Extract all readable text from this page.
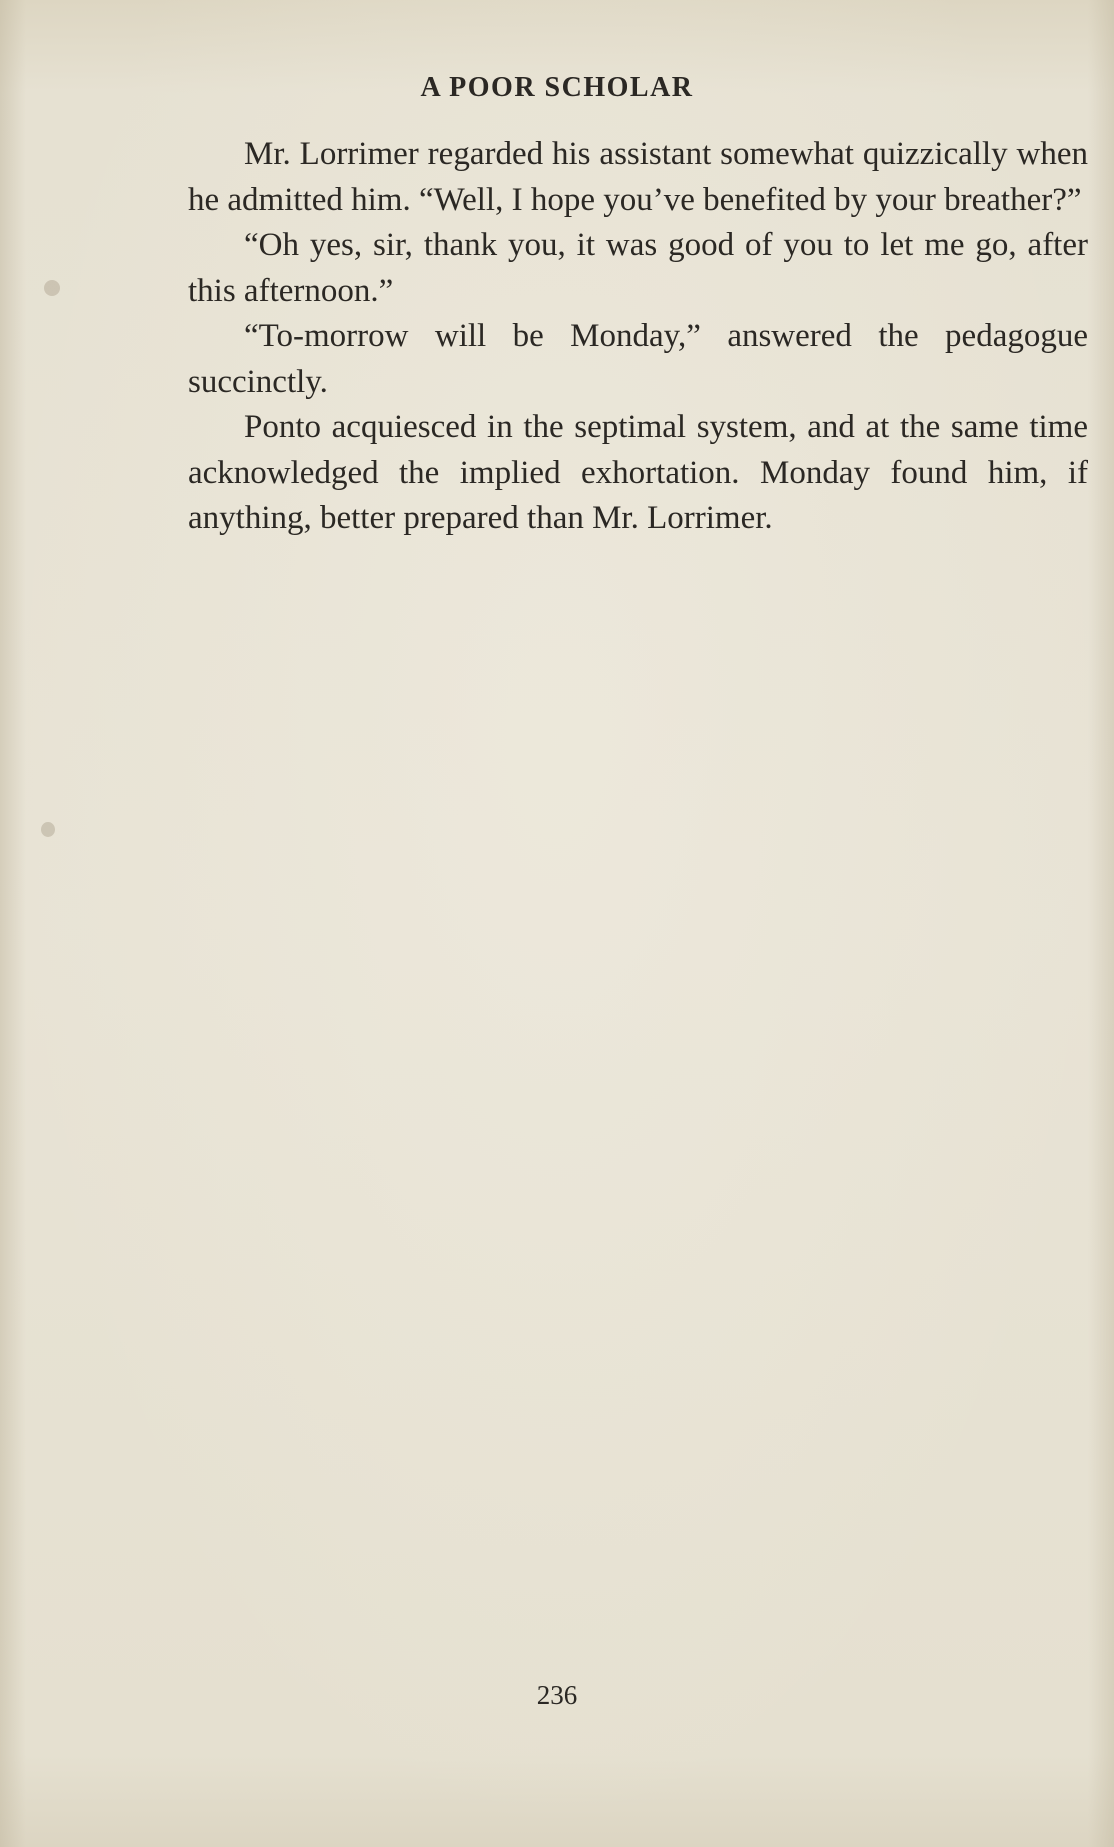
A POOR SCHOLAR

Mr. Lorrimer regarded his assistant somewhat quizzically when he admitted him. “Well, I hope you’ve benefited by your breather?”

“Oh yes, sir, thank you, it was good of you to let me go, after this afternoon.”

“To-morrow will be Monday,” answered the pedagogue succinctly.

Ponto acquiesced in the septimal system, and at the same time acknowledged the implied exhortation. Monday found him, if anything, better prepared than Mr. Lorrimer.

236
